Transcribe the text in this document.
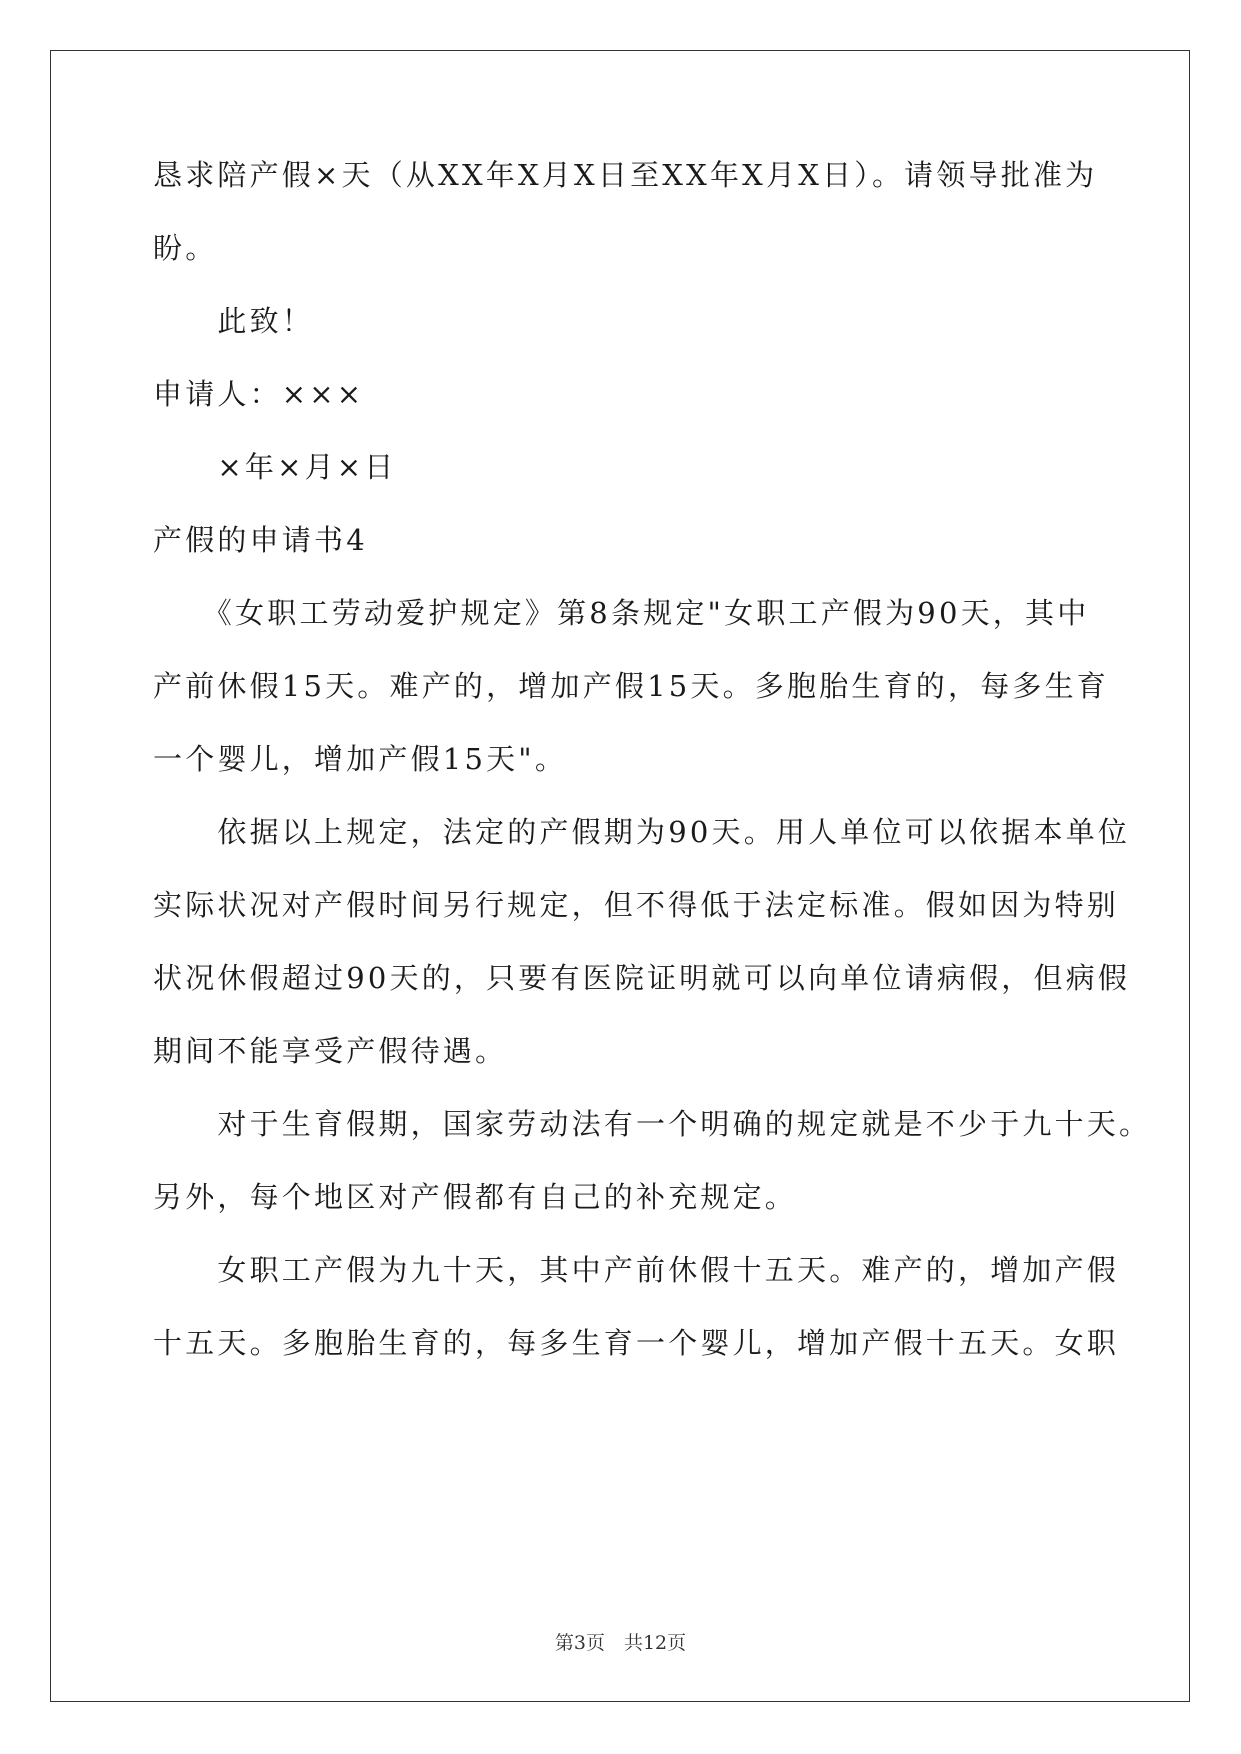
恳求陪产假×天（从XX年X月X日至XX年X月X日）。请领导批准为
盼。
　　此致！
申请人：×××
　　×年×月×日
产假的申请书4
　　《女职工劳动爱护规定》第8条规定"女职工产假为90天，其中
产前休假15天。难产的，增加产假15天。多胞胎生育的，每多生育
一个婴儿，增加产假15天"。
　　依据以上规定，法定的产假期为90天。用人单位可以依据本单位
实际状况对产假时间另行规定，但不得低于法定标准。假如因为特别
状况休假超过90天的，只要有医院证明就可以向单位请病假，但病假
期间不能享受产假待遇。
　　对于生育假期，国家劳动法有一个明确的规定就是不少于九十天。
另外，每个地区对产假都有自己的补充规定。
　　女职工产假为九十天，其中产前休假十五天。难产的，增加产假
十五天。多胞胎生育的，每多生育一个婴儿，增加产假十五天。女职
第3页　共12页
